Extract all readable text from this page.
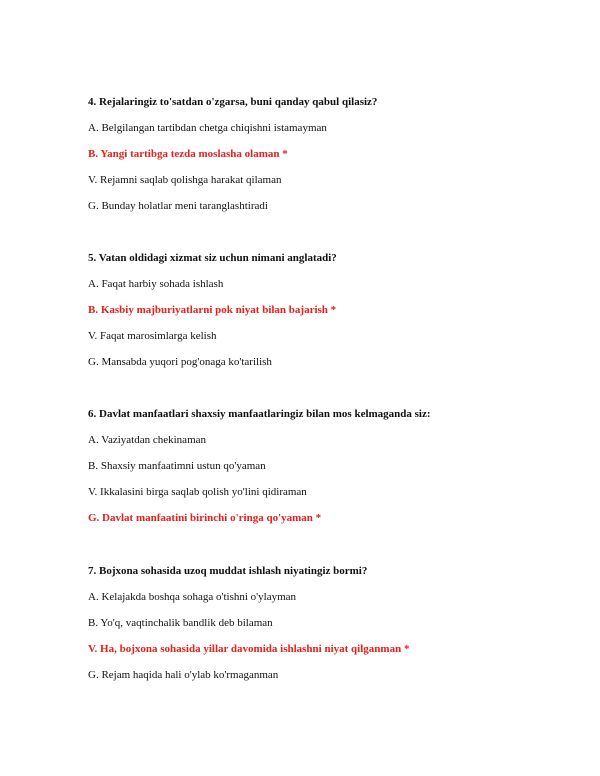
4. Rejalaringiz to'satdan o'zgarsa, buni qanday qabul qilasiz?
A. Belgilangan tartibdan chetga chiqishni istamayman
B. Yangi tartibga tezda moslasha olaman *
V. Rejamni saqlab qolishga harakat qilaman
G. Bunday holatlar meni taranglashtiradi
5. Vatan oldidagi xizmat siz uchun nimani anglatadi?
A. Faqat harbiy sohada ishlash
B. Kasbiy majburiyatlarni pok niyat bilan bajarish *
V. Faqat marosimlarga kelish
G. Mansabda yuqori pog'onaga ko'tarilish
6. Davlat manfaatlari shaxsiy manfaatlaringiz bilan mos kelmaganda siz:
A. Vaziyatdan chekinaman
B. Shaxsiy manfaatimni ustun qo'yaman
V. Ikkalasini birga saqlab qolish yo'lini qidiraman
G. Davlat manfaatini birinchi o'ringa qo'yaman *
7. Bojxona sohasida uzoq muddat ishlash niyatingiz bormi?
A. Kelajakda boshqa sohaga o'tishni o'ylayman
B. Yo'q, vaqtinchalik bandlik deb bilaman
V. Ha, bojxona sohasida yillar davomida ishlashni niyat qilganman *
G. Rejam haqida hali o'ylab ko'rmaganman
